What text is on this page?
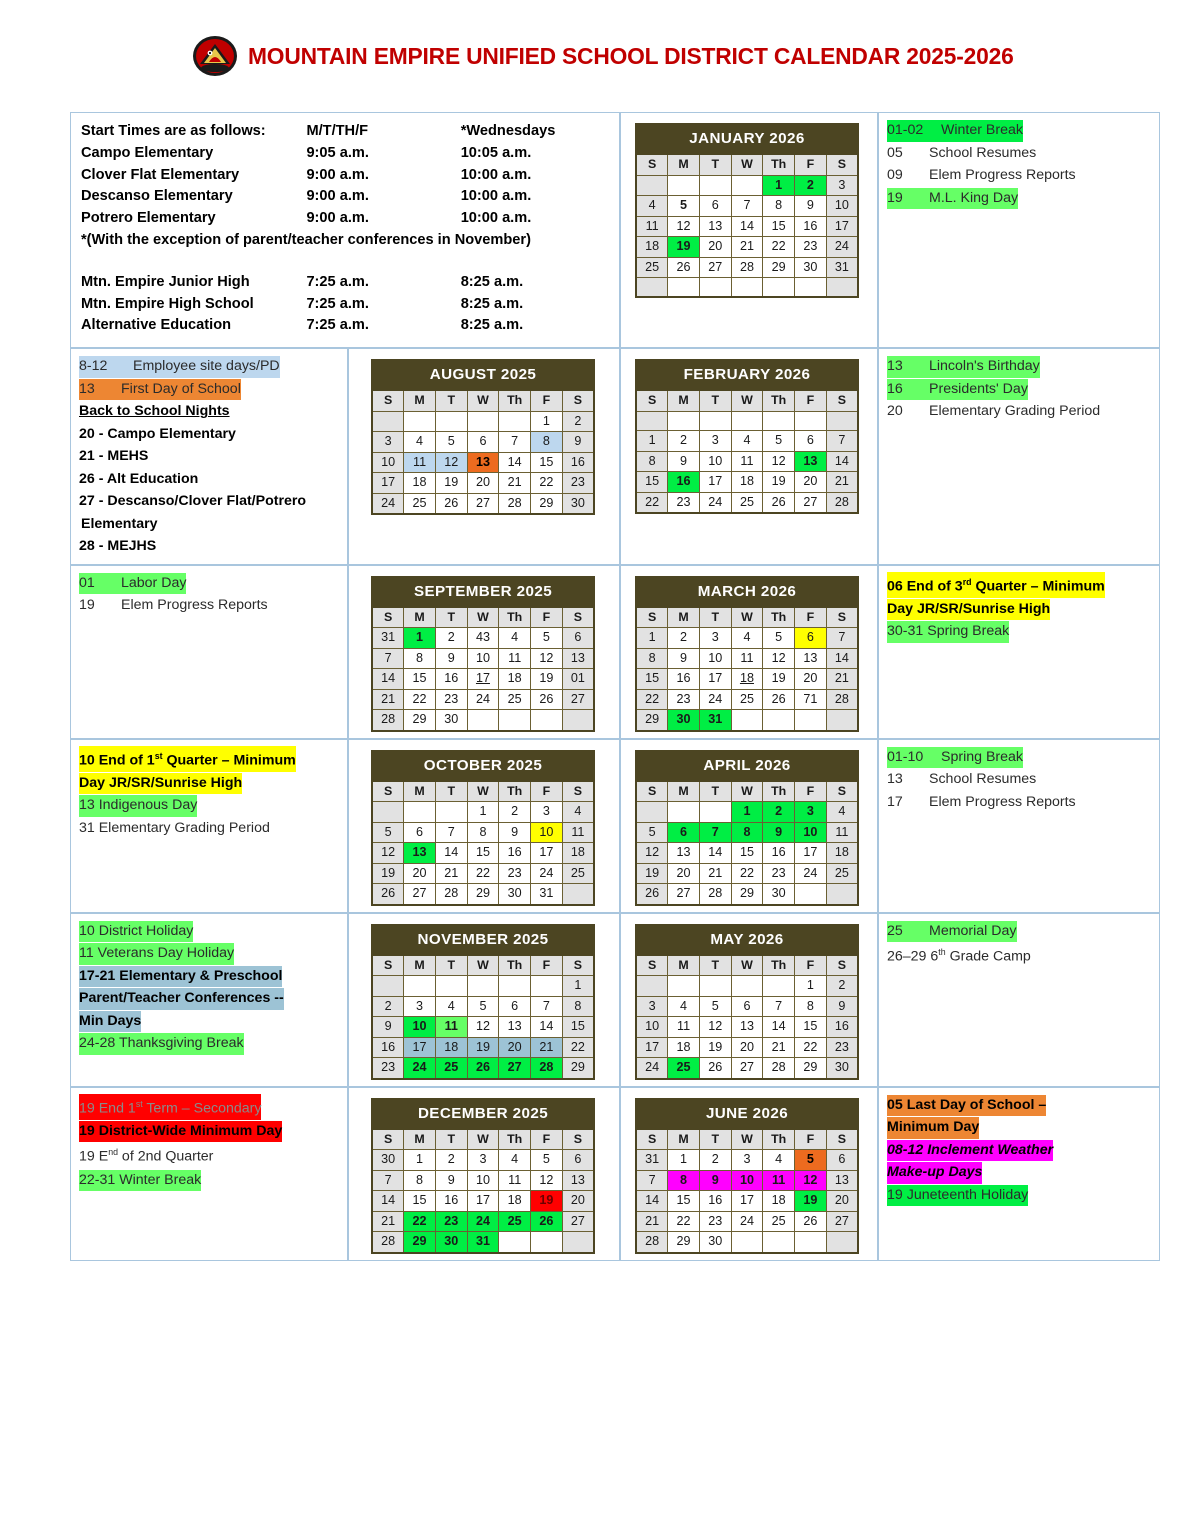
MOUNTAIN EMPIRE UNIFIED SCHOOL DISTRICT CALENDAR 2025-2026
Start Times are as follows:	M/T/TH/F	*Wednesdays
Campo Elementary	9:05 a.m.	10:05 a.m.
Clover Flat Elementary	9:00 a.m.	10:00 a.m.
Descanso Elementary	9:00 a.m.	10:00 a.m.
Potrero Elementary	9:00 a.m.	10:00 a.m.
*(With the exception of parent/teacher conferences in November)
Mtn. Empire Junior High	7:25 a.m.	8:25 a.m.
Mtn. Empire High School	7:25 a.m.	8:25 a.m.
Alternative Education	7:25 a.m.	8:25 a.m.
JANUARY 2026
S	M	T	W	Th	F	S
				1	2	3
4	5	6	7	8	9	10
11	12	13	14	15	16	17
18	19	20	21	22	23	24
25	26	27	28	29	30	31

01-02 Winter Break
05 School Resumes
09 Elem Progress Reports
19 M.L. King Day
8-12 Employee site days/PD
13 First Day of School
Back to School Nights
20 - Campo Elementary
21 - MEHS
26 - Alt Education
27 - Descanso/Clover Flat/Potrero
Elementary
28 - MEJHS
AUGUST 2025
S	M	T	W	Th	F	S
					1	2
3	4	5	6	7	8	9
10	11	12	13	14	15	16
17	18	19	20	21	22	23
24	25	26	27	28	29	30
FEBRUARY 2026
S	M	T	W	Th	F	S

1	2	3	4	5	6	7
8	9	10	11	12	13	14
15	16	17	18	19	20	21
22	23	24	25	26	27	28
13 Lincoln's Birthday
16 Presidents' Day
20 Elementary Grading Period
01 Labor Day
19 Elem Progress Reports
SEPTEMBER 2025
S	M	T	W	Th	F	S
31	1	2	43	4	5	6
7	8	9	10	11	12	13
14	15	16	17	18	19	01
21	22	23	24	25	26	27
28	29	30				
MARCH 2026
S	M	T	W	Th	F	S
1	2	3	4	5	6	7
8	9	10	11	12	13	14
15	16	17	18	19	20	21
22	23	24	25	26	71	28
29	30	31				
06 End of 3rd Quarter – Minimum
Day JR/SR/Sunrise High
30-31 Spring Break
10 End of 1st Quarter – Minimum
Day JR/SR/Sunrise High
13 Indigenous Day
31 Elementary Grading Period
OCTOBER 2025
S	M	T	W	Th	F	S
			1	2	3	4
5	6	7	8	9	10	11
12	13	14	15	16	17	18
19	20	21	22	23	24	25
26	27	28	29	30	31	
APRIL 2026
S	M	T	W	Th	F	S
			1	2	3	4
5	6	7	8	9	10	11
12	13	14	15	16	17	18
19	20	21	22	23	24	25
26	27	28	29	30		
01-10 Spring Break
13 School Resumes
17 Elem Progress Reports
10 District Holiday
11 Veterans Day Holiday
17-21 Elementary & Preschool
Parent/Teacher Conferences --
Min Days
24-28 Thanksgiving Break
NOVEMBER 2025
S	M	T	W	Th	F	S
						1
2	3	4	5	6	7	8
9	10	11	12	13	14	15
16	17	18	19	20	21	22
23	24	25	26	27	28	29
MAY 2026
S	M	T	W	Th	F	S
					1	2
3	4	5	6	7	8	9
10	11	12	13	14	15	16
17	18	19	20	21	22	23
24	25	26	27	28	29	30
25 Memorial Day
26–29 6th Grade Camp
19 End 1st Term – Secondary
19 District-Wide Minimum Day
19 $E^{nd}$ of 2nd Quarter
22-31 Winter Break
DECEMBER 2025
S	M	T	W	Th	F	S
30	1	2	3	4	5	6
7	8	9	10	11	12	13
14	15	16	17	18	19	20
21	22	23	24	25	26	27
28	29	30	31			
JUNE 2026
S	M	T	W	Th	F	S
31	1	2	3	4	5	6
7	8	9	10	11	12	13
14	15	16	17	18	19	20
21	22	23	24	25	26	27
28	29	30				
05 Last Day of School –
Minimum Day
08-12 Inclement Weather
Make-up Days
19 Juneteenth Holiday
